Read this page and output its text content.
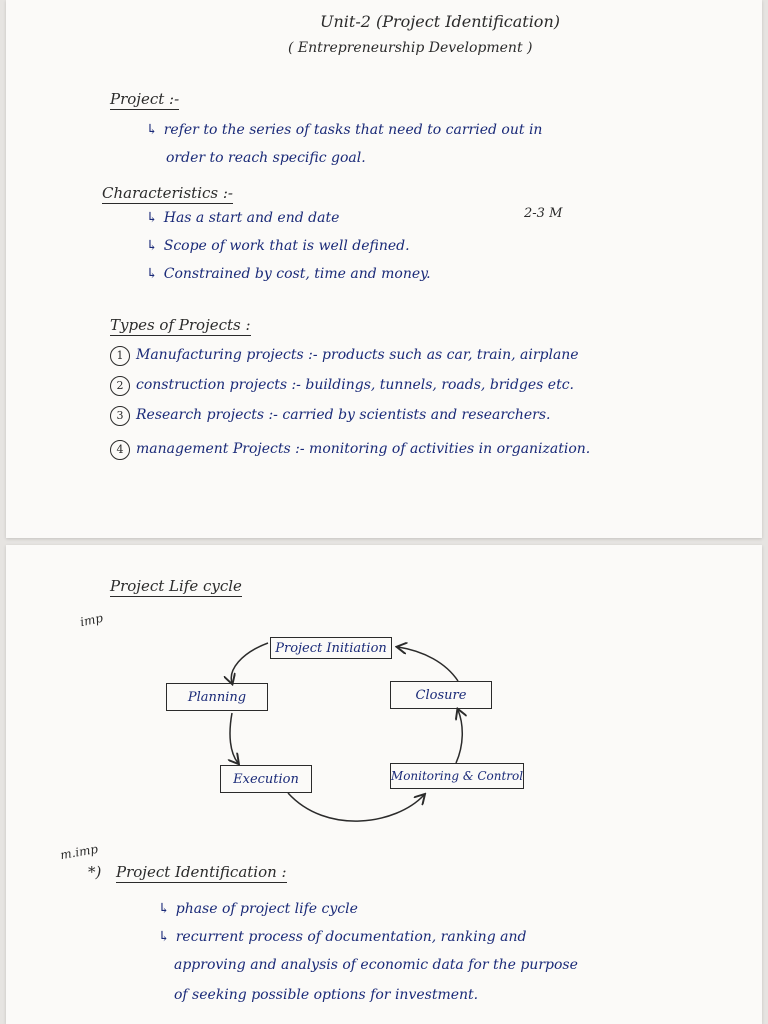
Unit-2 (Project Identification)
( Entrepreneurship Development )
Project :-
↳ refer to the series of tasks that need to carried out in
order to reach specific goal.
Characteristics :-
↳ Has a start and end date
↳ Scope of work that is well defined.
↳ Constrained by cost, time and money.
2-3 M
Types of Projects :
1 Manufacturing projects :- products such as car, train, airplane
2 construction projects :- buildings, tunnels, roads, bridges etc.
3 Research projects :- carried by scientists and researchers.
4 management Projects :- monitoring of activities in organization.
Project Life cycle
imp
Project Initiation
Planning	Closure
Execution	Monitoring & Control
m.imp
*) Project Identification :
↳ phase of project life cycle
↳ recurrent process of documentation, ranking and
approving and analysis of economic data for the purpose
of seeking possible options for investment.
